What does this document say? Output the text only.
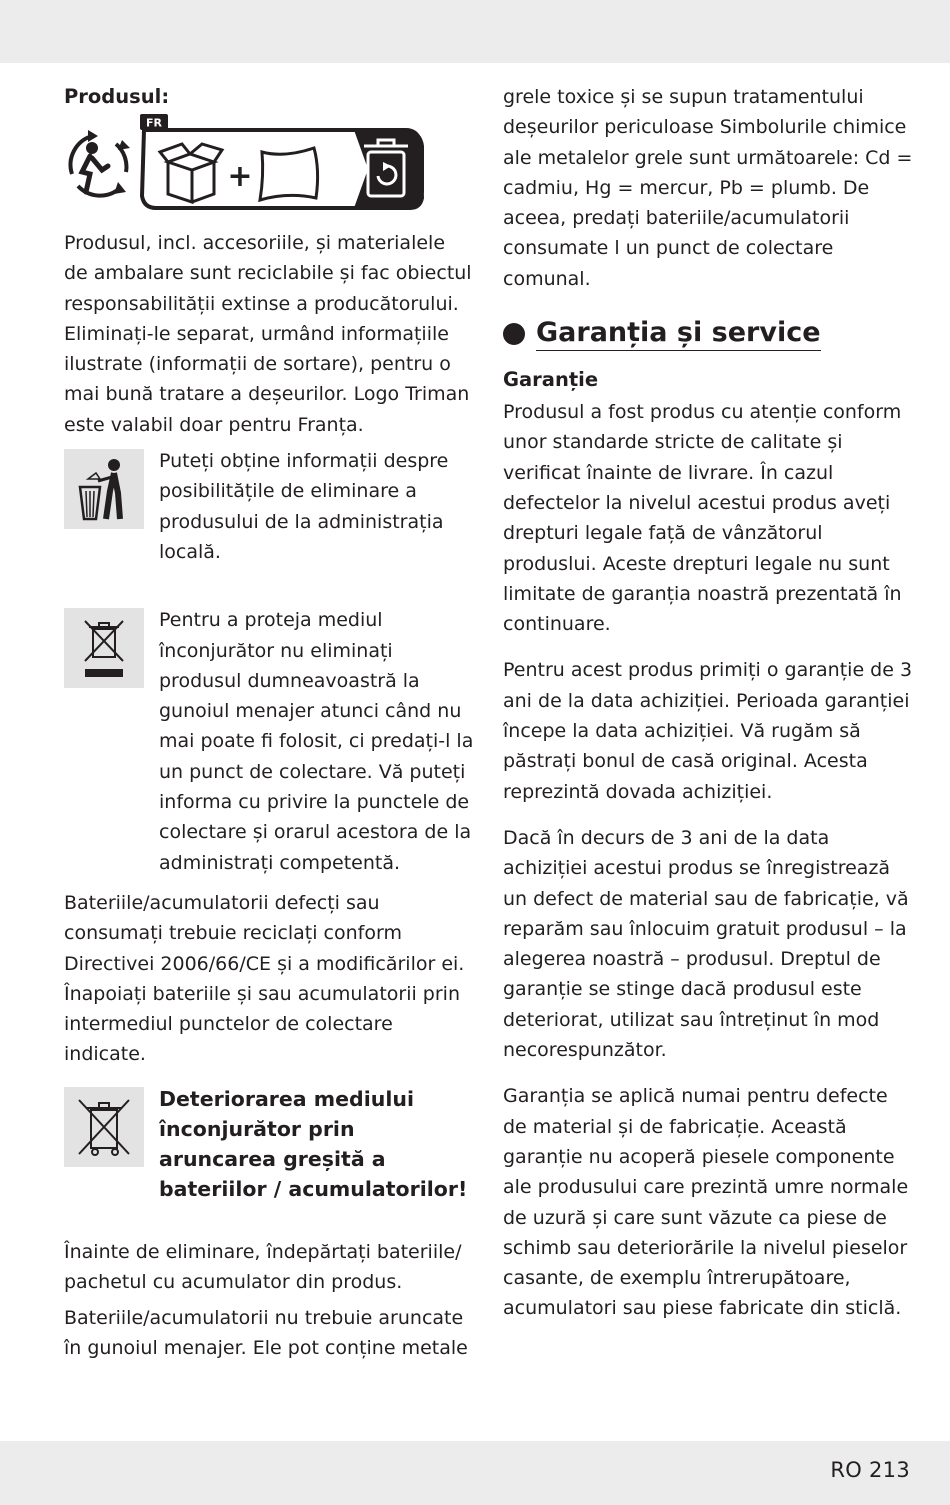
Produsul:

FR
+

Produsul, incl. accesoriile, și materialele de ambalare sunt reciclabile și fac obiectul responsabilității extinse a producătorului. Eliminați-le separat, urmând informațiile ilustrate (informații de sortare), pentru o mai bună tratare a deșeurilor. Logo Triman este valabil doar pentru Franța.

Puteți obține informații despre posibilitățile de eliminare a produsului de la administrația locală.

Pentru a proteja mediul înconjurător nu eliminați produsul dumneavoastră la gunoiul menajer atunci când nu mai poate fi folosit, ci predați-l la un punct de colectare. Vă puteți informa cu privire la punctele de colectare și orarul acestora de la administrați competentă.

Bateriile/acumulatorii defecți sau consumați trebuie reciclați conform Directivei 2006/66/CE și a modificărilor ei. Înapoiați bateriile și sau acumulatorii prin intermediul punctelor de colectare indicate.

Deteriorarea mediului înconjurător prin aruncarea greșită a bateriilor / acumulatorilor!

Înainte de eliminare, îndepărtați bateriile/ pachetul cu acumulator din produs.

Bateriile/acumulatorii nu trebuie aruncate în gunoiul menajer. Ele pot conține metale

grele toxice și se supun tratamentului deșeurilor periculoase Simbolurile chimice ale metalelor grele sunt următoarele: Cd = cadmiu, Hg = mercur, Pb = plumb. De aceea, predați bateriile/acumulatorii consumate l un punct de colectare comunal.

Garanția și service

Garanție

Produsul a fost produs cu atenție conform unor standarde stricte de calitate și verificat înainte de livrare. În cazul defectelor la nivelul acestui produs aveți drepturi legale față de vânzătorul produslui. Aceste drepturi legale nu sunt limitate de garanția noastră prezentată în continuare.

Pentru acest produs primiți o garanție de 3 ani de la data achiziției. Perioada garanției începe la data achiziției. Vă rugăm să păstrați bonul de casă original. Acesta reprezintă dovada achiziției.

Dacă în decurs de 3 ani de la data achiziției acestui produs se înregistrează un defect de material sau de fabricație, vă reparăm sau înlocuim gratuit produsul – la alegerea noastră – produsul. Dreptul de garanție se stinge dacă produsul este deteriorat, utilizat sau întreținut în mod necorespunzător.

Garanția se aplică numai pentru defecte de material și de fabricație. Această garanție nu acoperă piesele componente ale produsului care prezintă umre normale de uzură și care sunt văzute ca piese de schimb sau deteriorările la nivelul pieselor casante, de exemplu întrerupătoare, acumulatori sau piese fabricate din sticlă.

RO 213
